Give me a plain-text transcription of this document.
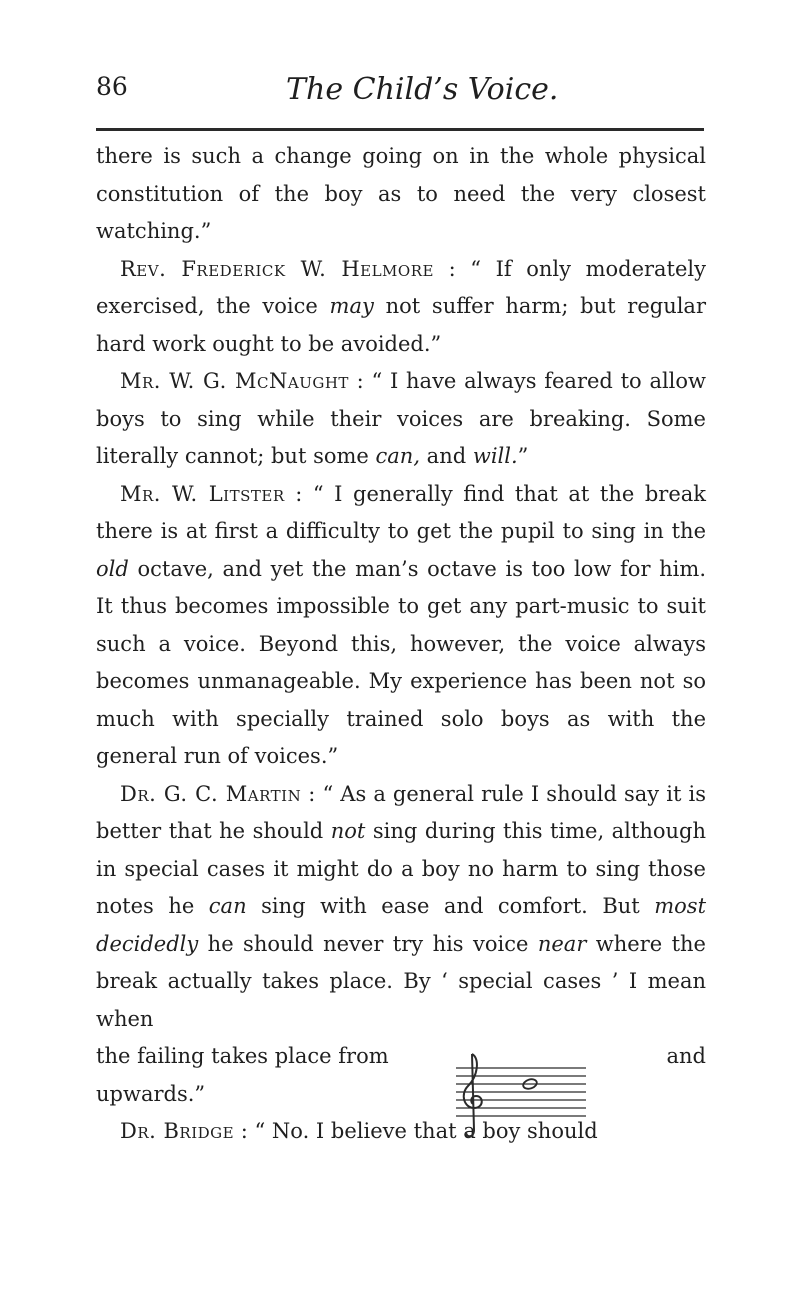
86	The Child’s Voice.

there is such a change going on in the whole physical constitution of the boy as to need the very closest watching.”

Rev. Frederick W. Helmore : “ If only moderately exercised, the voice may not suffer harm; but regular hard work ought to be avoided.”

Mr. W. G. McNaught : “ I have always feared to allow boys to sing while their voices are breaking. Some literally cannot; but some can, and will.”

Mr. W. Litster : “ I generally find that at the break there is at first a difficulty to get the pupil to sing in the old octave, and yet the man’s octave is too low for him. It thus becomes impossible to get any part-music to suit such a voice. Beyond this, however, the voice always becomes unmanageable. My experience has been not so much with specially trained solo boys as with the general run of voices.”

Dr. G. C. Martin : “ As a general rule I should say it is better that he should not sing during this time, although in special cases it might do a boy no harm to sing those notes he can sing with ease and comfort. But most decidedly he should never try his voice near where the break actually takes place. By ‘ special cases ’ I mean when

the failing takes place from	and
upwards.”

Dr. Bridge : “ No. I believe that a boy should
